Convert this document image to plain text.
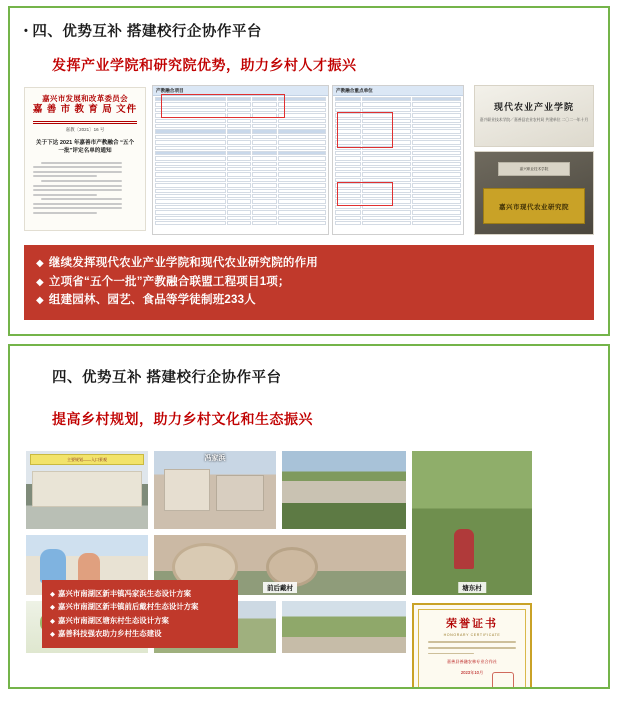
• 四、优势互补 搭建校行企协作平台
发挥产业学院和研究院优势，助力乡村人才振兴
嘉兴市发展和改革委员会
嘉 善 市 教 育 局 文件
嘉教〔2021〕16 号
关于下达 2021 年嘉善市产教融合 “五个一批”评定名单的通知
产教融合项目	产教融合重点单位
现代农业产业学院
嘉兴职业技术学院／嘉善县农业农村局 共建单位 二〇二一年十月
嘉兴职业技术学院
嘉兴市现代农业研究院
◆ 继续发挥现代农业产业学院和现代农业研究院的作用
◆ 立项省“五个一批”产教融合联盟工程项目1项；
◆ 组建园林、园艺、食品等学徒制班233人
四、优势互补 搭建校行企协作平台
提高乡村规划，助力乡村文化和生态振兴
主要规划——入口景观	冯家浜
前后戴村	塘东村
荣誉证书
HONORARY CERTIFICATE
嘉善县善融农林专业合作社
2023年10月
◆ 嘉兴市南湖区新丰镇冯家浜生态设计方案
◆ 嘉兴市南湖区新丰镇前后戴村生态设计方案
◆ 嘉兴市南湖区塘东村生态设计方案
◆ 嘉善科技强农助力乡村生态建设
